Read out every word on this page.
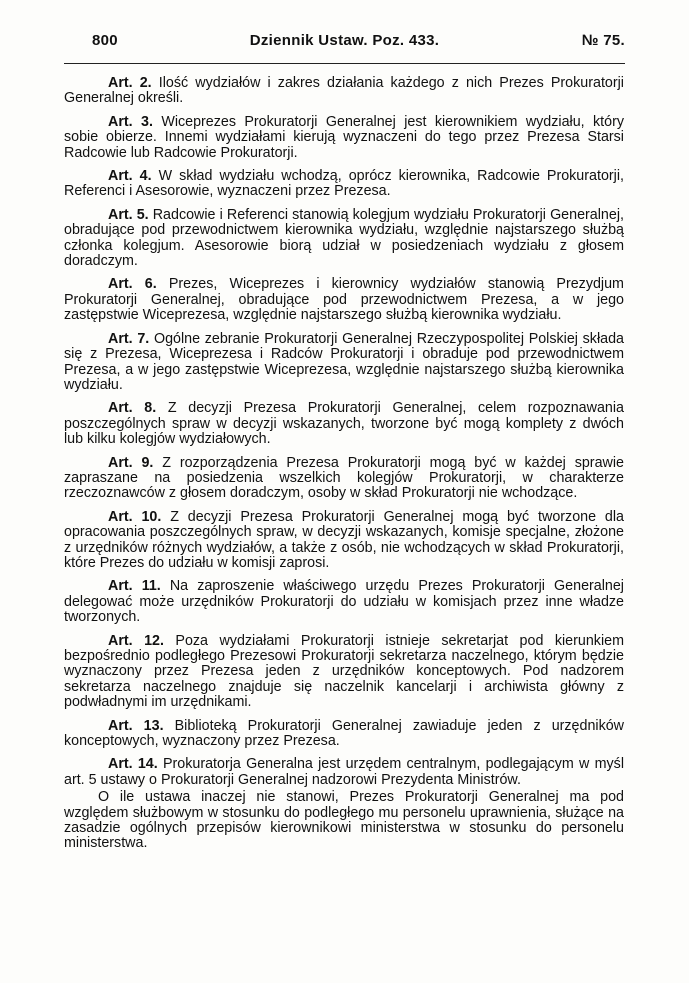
800	Dziennik Ustaw. Poz. 433.	№ 75.

Art. 2. Ilość wydziałów i zakres działania każdego z nich Prezes Prokuratorji Generalnej określi.

Art. 3. Wiceprezes Prokuratorji Generalnej jest kierownikiem wydziału, który sobie obierze. Innemi wydziałami kierują wyznaczeni do tego przez Prezesa Starsi Radcowie lub Radcowie Prokuratorji.

Art. 4. W skład wydziału wchodzą, oprócz kierownika, Radcowie Prokuratorji, Referenci i Asesorowie, wyznaczeni przez Prezesa.

Art. 5. Radcowie i Referenci stanowią kolegjum wydziału Prokuratorji Generalnej, obradujące pod przewodnictwem kierownika wydziału, względnie najstarszego służbą członka kolegjum. Asesorowie biorą udział w posiedzeniach wydziału z głosem doradczym.

Art. 6. Prezes, Wiceprezes i kierownicy wydziałów stanowią Prezydjum Prokuratorji Generalnej, obradujące pod przewodnictwem Prezesa, a w jego zastępstwie Wiceprezesa, względnie najstarszego służbą kierownika wydziału.

Art. 7. Ogólne zebranie Prokuratorji Generalnej Rzeczypospolitej Polskiej składa się z Prezesa, Wiceprezesa i Radców Prokuratorji i obraduje pod przewodnictwem Prezesa, a w jego zastępstwie Wiceprezesa, względnie najstarszego służbą kierownika wydziału.

Art. 8. Z decyzji Prezesa Prokuratorji Generalnej, celem rozpoznawania poszczególnych spraw w decyzji wskazanych, tworzone być mogą komplety z dwóch lub kilku kolegjów wydziałowych.

Art. 9. Z rozporządzenia Prezesa Prokuratorji mogą być w każdej sprawie zapraszane na posiedzenia wszelkich kolegjów Prokuratorji, w charakterze rzeczoznawców z głosem doradczym, osoby w skład Prokuratorji nie wchodzące.

Art. 10. Z decyzji Prezesa Prokuratorji Generalnej mogą być tworzone dla opracowania poszczególnych spraw, w decyzji wskazanych, komisje specjalne, złożone z urzędników różnych wydziałów, a także z osób, nie wchodzących w skład Prokuratorji, które Prezes do udziału w komisji zaprosi.

Art. 11. Na zaproszenie właściwego urzędu Prezes Prokuratorji Generalnej delegować może urzędników Prokuratorji do udziału w komisjach przez inne władze tworzonych.

Art. 12. Poza wydziałami Prokuratorji istnieje sekretarjat pod kierunkiem bezpośrednio podległego Prezesowi Prokuratorji sekretarza naczelnego, którym będzie wyznaczony przez Prezesa jeden z urzędników konceptowych. Pod nadzorem sekretarza naczelnego znajduje się naczelnik kancelarji i archiwista główny z podwładnymi im urzędnikami.

Art. 13. Biblioteką Prokuratorji Generalnej zawiaduje jeden z urzędników konceptowych, wyznaczony przez Prezesa.

Art. 14. Prokuratorja Generalna jest urzędem centralnym, podlegającym w myśl art. 5 ustawy o Prokuratorji Generalnej nadzorowi Prezydenta Ministrów.

O ile ustawa inaczej nie stanowi, Prezes Prokuratorji Generalnej ma pod względem służbowym w stosunku do podległego mu personelu uprawnienia, służące na zasadzie ogólnych przepisów kierownikowi ministerstwa w stosunku do personelu ministerstwa.
